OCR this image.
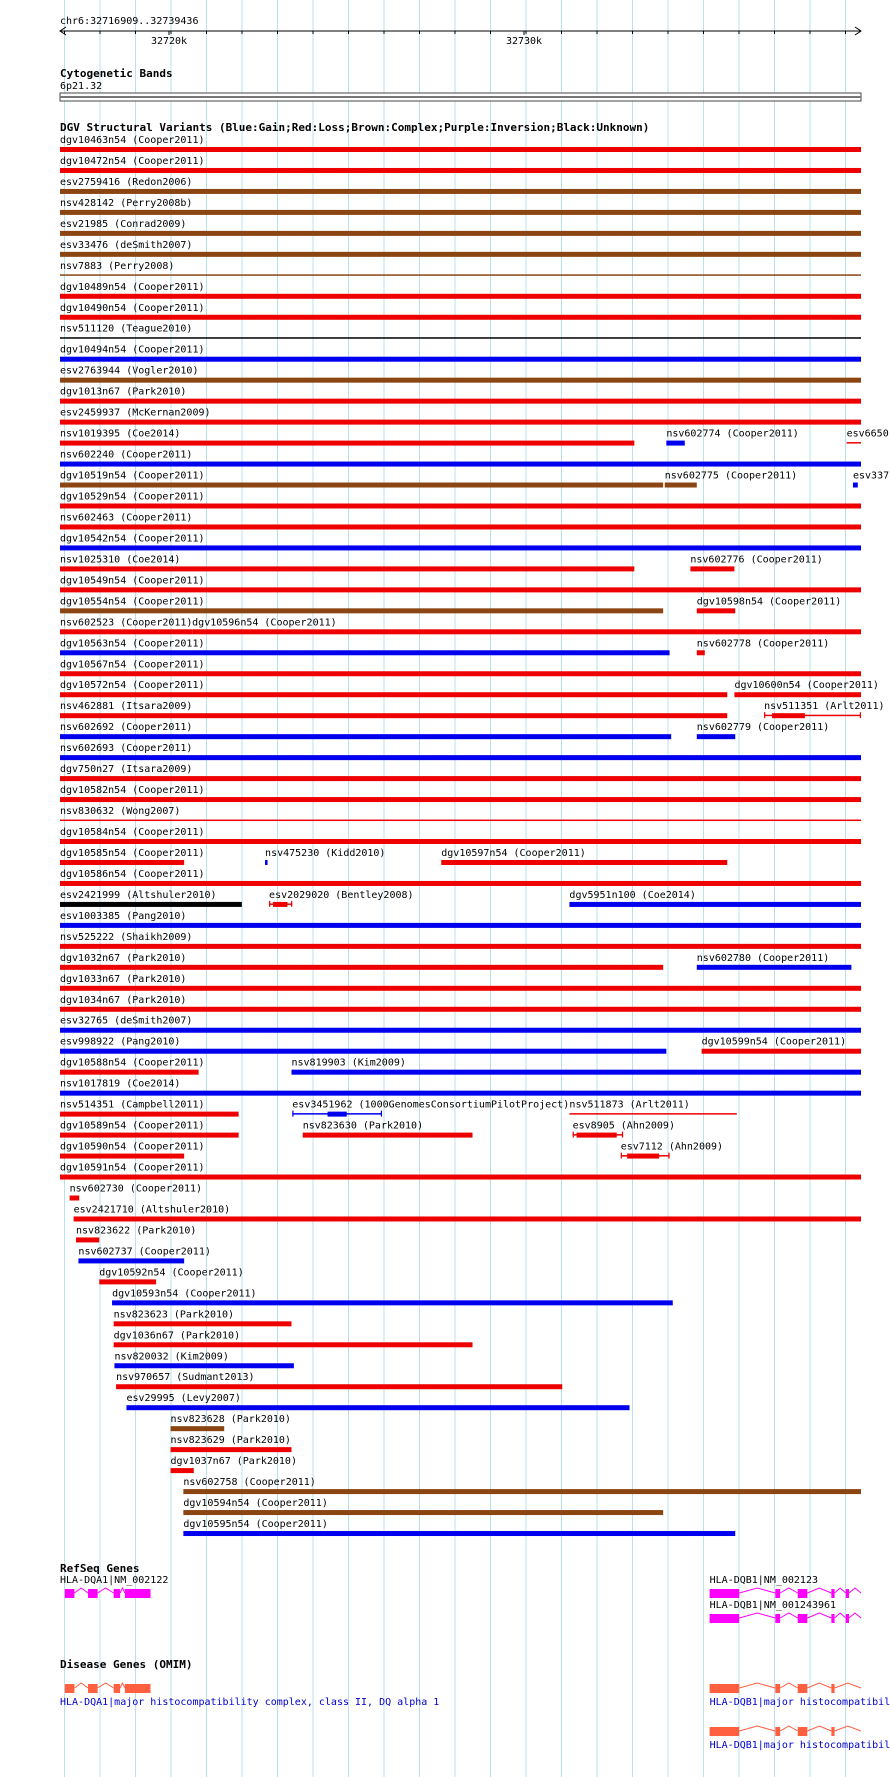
chr6:32716909..32739436
32720k	32730k
Cytogenetic Bands
6p21.32
DGV Structural Variants (Blue:Gain;Red:Loss;Brown:Complex;Purple:Inversion;Black:Unknown)
dgv10463n54 (Cooper2011)
dgv10472n54 (Cooper2011)
esv2759416 (Redon2006)
nsv428142 (Perry2008b)
esv21985 (Conrad2009)
esv33476 (deSmith2007)
nsv7883 (Perry2008)
dgv10489n54 (Cooper2011)
dgv10490n54 (Cooper2011)
nsv511120 (Teague2010)
dgv10494n54 (Cooper2011)
esv2763944 (Vogler2010)
dgv1013n67 (Park2010)
esv2459937 (McKernan2009)
nsv1019395 (Coe2014)	nsv602774 (Cooper2011)	esv6650
nsv602240 (Cooper2011)
dgv10519n54 (Cooper2011)	nsv602775 (Cooper2011)	esv337
dgv10529n54 (Cooper2011)
nsv602463 (Cooper2011)
dgv10542n54 (Cooper2011)
nsv1025310 (Coe2014)	nsv602776 (Cooper2011)
dgv10549n54 (Cooper2011)
dgv10554n54 (Cooper2011)	dgv10598n54 (Cooper2011)
nsv602523 (Cooper2011) dgv10596n54 (Cooper2011)
dgv10563n54 (Cooper2011)	nsv602778 (Cooper2011)
dgv10567n54 (Cooper2011)
dgv10572n54 (Cooper2011)	dgv10600n54 (Cooper2011)
nsv462881 (Itsara2009)	nsv511351 (Arlt2011)
nsv602692 (Cooper2011)	nsv602779 (Cooper2011)
nsv602693 (Cooper2011)
dgv750n27 (Itsara2009)
dgv10582n54 (Cooper2011)
nsv830632 (Wong2007)
dgv10584n54 (Cooper2011)
dgv10585n54 (Cooper2011)	nsv475230 (Kidd2010)	dgv10597n54 (Cooper2011)
dgv10586n54 (Cooper2011)
esv2421999 (Altshuler2010)	esv2029020 (Bentley2008)	dgv5951n100 (Coe2014)
esv1003385 (Pang2010)
nsv525222 (Shaikh2009)
dgv1032n67 (Park2010)	nsv602780 (Cooper2011)
dgv1033n67 (Park2010)
dgv1034n67 (Park2010)
esv32765 (deSmith2007)
esv998922 (Pang2010)	dgv10599n54 (Cooper2011)
dgv10588n54 (Cooper2011)	nsv819903 (Kim2009)
nsv1017819 (Coe2014)
nsv514351 (Campbell2011)	esv3451962 (1000GenomesConsortiumPilotProject) nsv511873 (Arlt2011)
dgv10589n54 (Cooper2011)	nsv823630 (Park2010)	esv8905 (Ahn2009)
dgv10590n54 (Cooper2011)	esv7112 (Ahn2009)
dgv10591n54 (Cooper2011)
nsv602730 (Cooper2011)
esv2421710 (Altshuler2010)
nsv823622 (Park2010)
nsv602737 (Cooper2011)
dgv10592n54 (Cooper2011)
dgv10593n54 (Cooper2011)
nsv823623 (Park2010)
dgv1036n67 (Park2010)
nsv820032 (Kim2009)
nsv970657 (Sudmant2013)
esv29995 (Levy2007)
nsv823628 (Park2010)
nsv823629 (Park2010)
dgv1037n67 (Park2010)
nsv602758 (Cooper2011)
dgv10594n54 (Cooper2011)
dgv10595n54 (Cooper2011)
RefSeq Genes
HLA-DQA1|NM_002122	HLA-DQB1|NM_002123
HLA-DQB1|NM_001243961
Disease Genes (OMIM)
HLA-DQA1|major histocompatibility complex, class II, DQ alpha 1	HLA-DQB1|major histocompatibil
HLA-DQB1|major histocompatibil
